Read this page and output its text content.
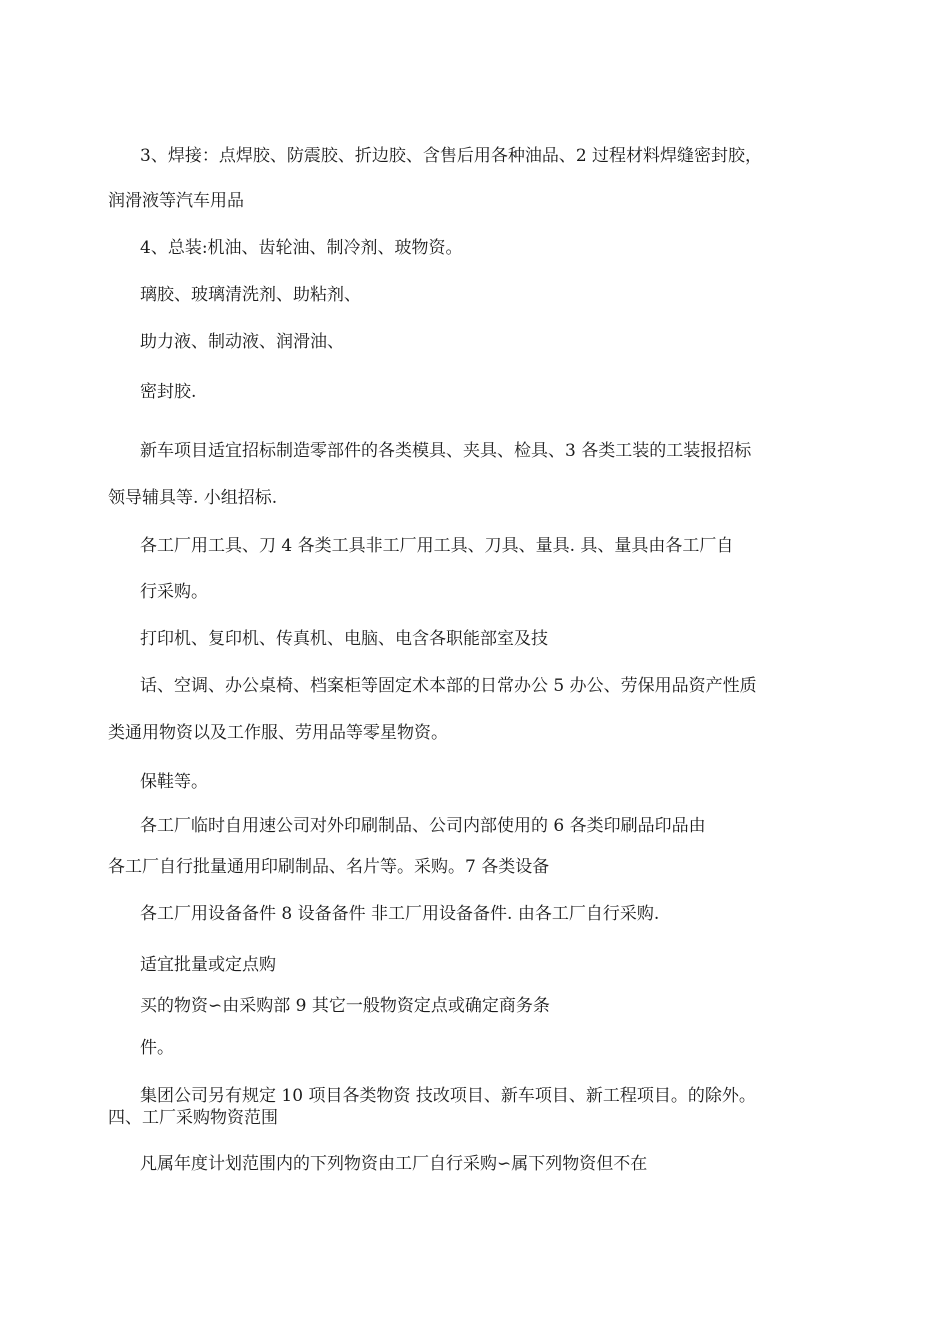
3、焊接：点焊胶、防震胶、折边胶、含售后用各种油品、2 过程材料焊缝密封胶，
润滑液等汽车用品
4、总装:机油、齿轮油、制冷剂、玻物资。
璃胶、玻璃清洗剂、助粘剂、
助力液、制动液、润滑油、
密封胶.
新车项目适宜招标制造零部件的各类模具、夹具、检具、3 各类工装的工装报招标
领导辅具等. 小组招标.
各工厂用工具、刀 4 各类工具非工厂用工具、刀具、量具. 具、量具由各工厂自
行采购。
打印机、复印机、传真机、电脑、电含各职能部室及技
话、空调、办公桌椅、档案柜等固定术本部的日常办公 5 办公、劳保用品资产性质
类通用物资以及工作服、劳用品等零星物资。
保鞋等。
各工厂临时自用速公司对外印刷制品、公司内部使用的 6 各类印刷品印品由
各工厂自行批量通用印刷制品、名片等。采购。7 各类设备
各工厂用设备备件 8 设备备件 非工厂用设备备件. 由各工厂自行采购.
适宜批量或定点购
买的物资∽由采购部 9 其它一般物资定点或确定商务条
件。
集团公司另有规定 10 项目各类物资 技改项目、新车项目、新工程项目。的除外。
四、工厂采购物资范围
凡属年度计划范围内的下列物资由工厂自行采购∽属下列物资但不在
